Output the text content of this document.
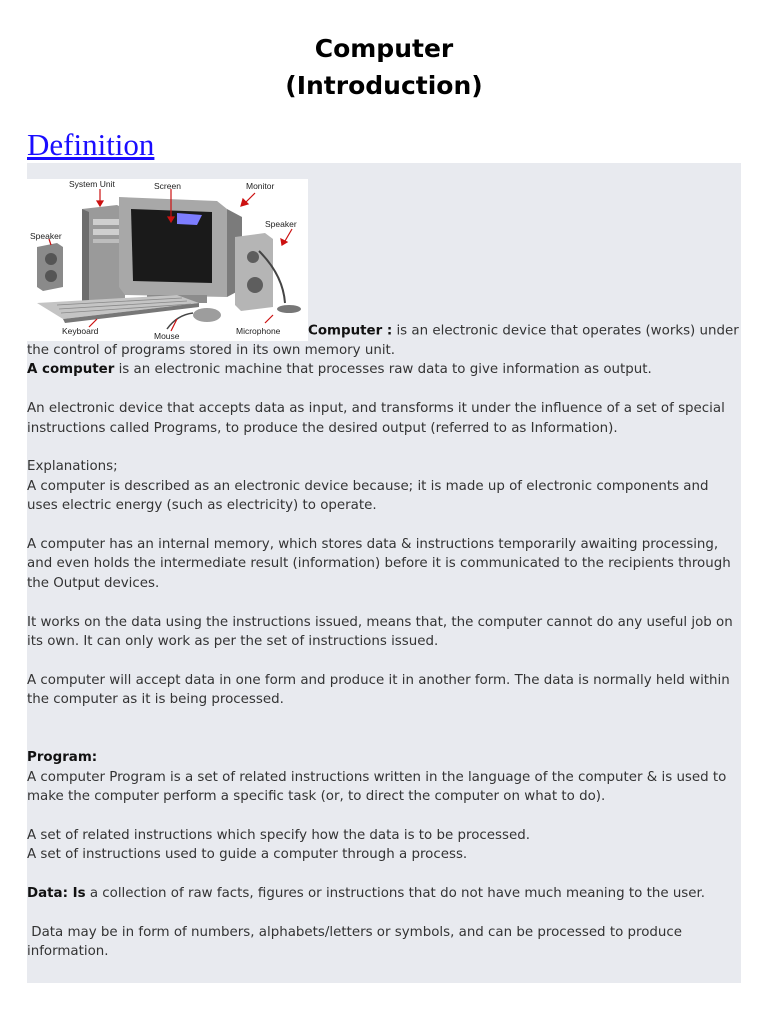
Computer
(Introduction)
Definition

System Unit	Screen	Monitor
Speaker
Speaker
Keyboard	Mouse	Microphone Computer : is an electronic device that operates (works) under the control of programs stored in its own memory unit.

A computer is an electronic machine that processes raw data to give information as output.

An electronic device that accepts data as input, and transforms it under the influence of a set of special instructions called Programs, to produce the desired output (referred to as Information).

Explanations;

A computer is described as an electronic device because; it is made up of electronic components and uses electric energy (such as electricity) to operate.

A computer has an internal memory, which stores data & instructions temporarily awaiting processing, and even holds the intermediate result (information) before it is communicated to the recipients through the Output devices.

It works on the data using the instructions issued, means that, the computer cannot do any useful job on its own. It can only work as per the set of instructions issued.

A computer will accept data in one form and produce it in another form. The data is normally held within the computer as it is being processed.

Program:

A computer Program is a set of related instructions written in the language of the computer & is used to make the computer perform a specific task (or, to direct the computer on what to do).

A set of related instructions which specify how the data is to be processed.

A set of instructions used to guide a computer through a process.

Data: Is a collection of raw facts, figures or instructions that do not have much meaning to the user.

Data may be in form of numbers, alphabets/letters or symbols, and can be processed to produce information.
